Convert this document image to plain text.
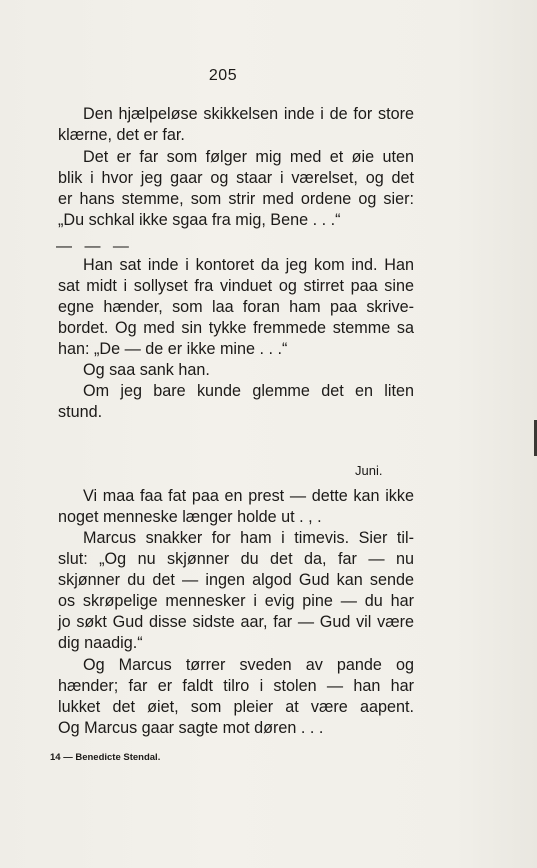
205
Den hjælpeløse skikkelsen inde i de for store
klærne, det er far.
Det er far som følger mig med et øie uten
blik i hvor jeg gaar og staar i værelset, og det
er hans stemme, som strir med ordene og sier:
„Du schkal ikke sgaa fra mig, Bene . . .“
— — —
Han sat inde i kontoret da jeg kom ind. Han
sat midt i sollyset fra vinduet og stirret paa sine
egne hænder, som laa foran ham paa skrive-
bordet. Og med sin tykke fremmede stemme sa
han: „De — de er ikke mine . . .“
Og saa sank han.
Om jeg bare kunde glemme det en liten
stund.
Juni.
Vi maa faa fat paa en prest — dette kan ikke
noget menneske længer holde ut . , .
Marcus snakker for ham i timevis. Sier til-
slut: „Og nu skjønner du det da, far — nu
skjønner du det — ingen algod Gud kan sende
os skrøpelige mennesker i evig pine — du har
jo søkt Gud disse sidste aar, far — Gud vil være
dig naadig.“
Og Marcus tørrer sveden av pande og
hænder; far er faldt tilro i stolen — han har
lukket det øiet, som pleier at være aapent.
Og Marcus gaar sagte mot døren . . .
14 — Benedicte Stendal.
